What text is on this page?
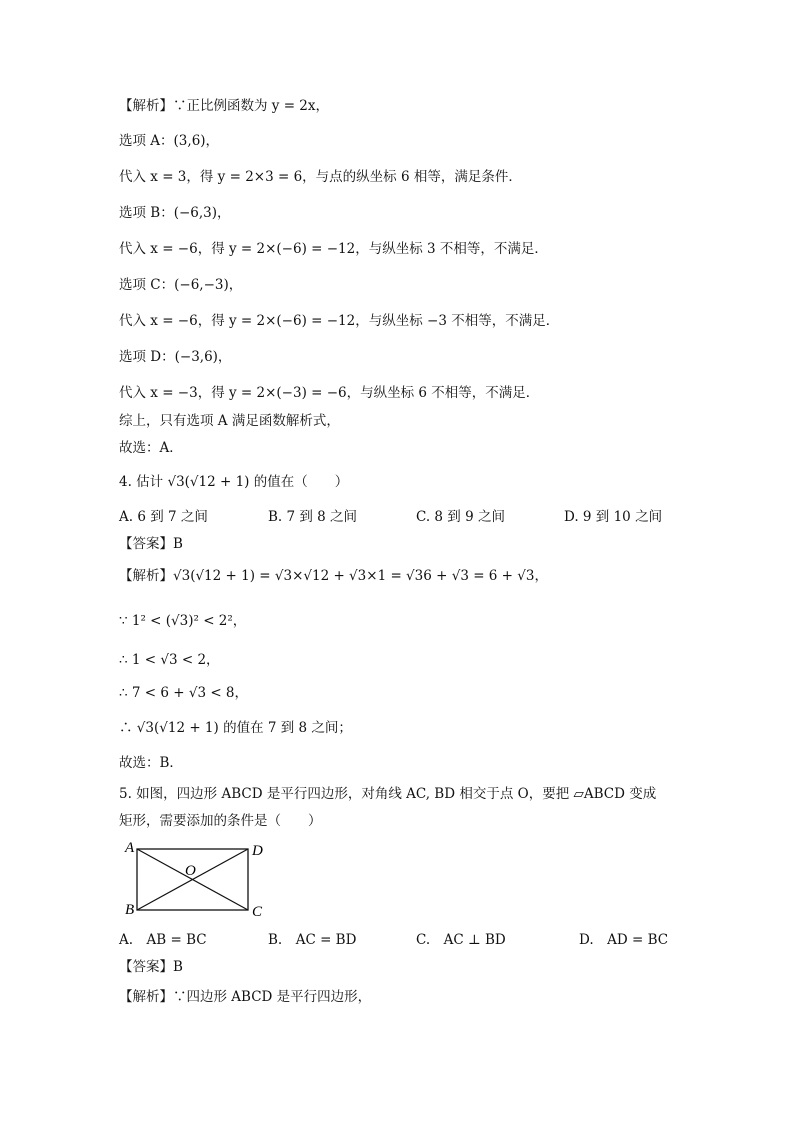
【解析】∵正比例函数为 y = 2x，
选项 A：(3,6)，
代入 x = 3，得 y = 2×3 = 6，与点的纵坐标 6 相等，满足条件．
选项 B：(−6,3)，
代入 x = −6，得 y = 2×(−6) = −12，与纵坐标 3 不相等，不满足．
选项 C：(−6,−3)，
代入 x = −6，得 y = 2×(−6) = −12，与纵坐标 −3 不相等，不满足．
选项 D：(−3,6)，
代入 x = −3，得 y = 2×(−3) = −6，与纵坐标 6 不相等，不满足．
综上，只有选项 A 满足函数解析式，
故选：A．
4. 估计 √3(√12 + 1) 的值在（　　）
A. 6 到 7 之间	B. 7 到 8 之间	C. 8 到 9 之间	D. 9 到 10 之间
【答案】B
【解析】√3(√12 + 1) = √3×√12 + √3×1 = √36 + √3 = 6 + √3，
∵ 1² < (√3)² < 2²，
∴ 1 < √3 < 2，
∴ 7 < 6 + √3 < 8，
∴ √3(√12 + 1) 的值在 7 到 8 之间；
故选：B．
5. 如图，四边形 ABCD 是平行四边形，对角线 AC, BD 相交于点 O，要把 ▱ABCD 变成
矩形，需要添加的条件是（　　）
A	D
B	C
O
A.　AB = BC	B.　AC = BD	C.　AC ⊥ BD	D.　AD = BC
【答案】B
【解析】∵四边形 ABCD 是平行四边形，
